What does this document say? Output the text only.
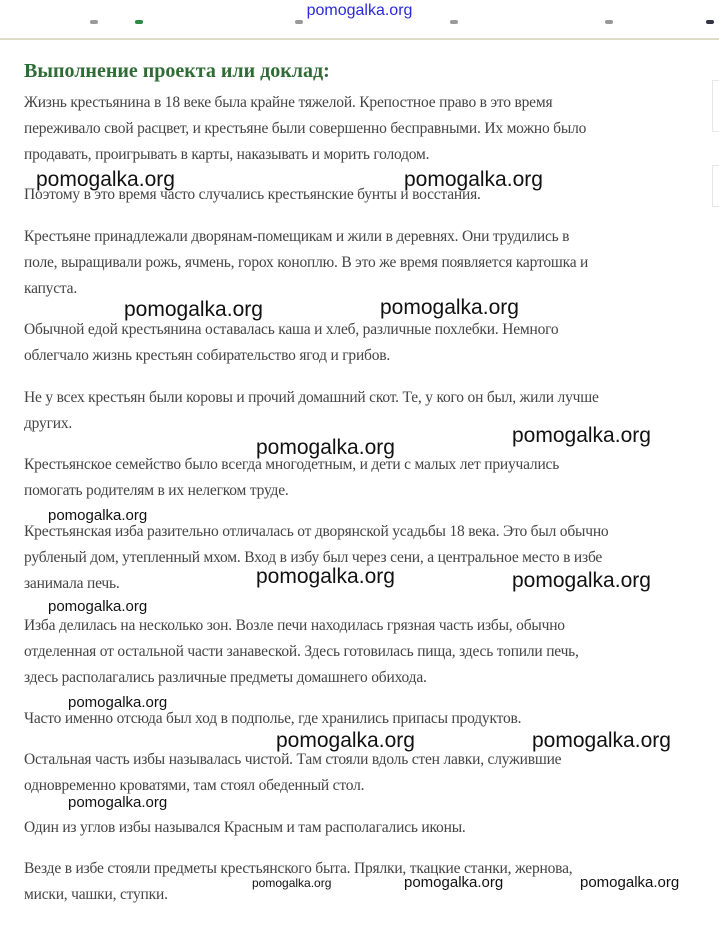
pomogalka.org
Выполнение проекта или доклад:
Жизнь крестьянина в 18 веке была крайне тяжелой. Крепостное право в это время
переживало свой расцвет, и крестьяне были совершенно бесправными. Их можно было
продавать, проигрывать в карты, наказывать и морить голодом.
Поэтому в это время часто случались крестьянские бунты и восстания.
Крестьяне принадлежали дворянам-помещикам и жили в деревнях. Они трудились в
поле, выращивали рожь, ячмень, горох коноплю. В это же время появляется картошка и
капуста.
Обычной едой крестьянина оставалась каша и хлеб, различные похлебки. Немного
облегчало жизнь крестьян собирательство ягод и грибов.
Не у всех крестьян были коровы и прочий домашний скот. Те, у кого он был, жили лучше
других.
Крестьянское семейство было всегда многодетным, и дети с малых лет приучались
помогать родителям в их нелегком труде.
Крестьянская изба разительно отличалась от дворянской усадьбы 18 века. Это был обычно
рубленый дом, утепленный мхом. Вход в избу был через сени, а центральное место в избе
занимала печь.
Изба делилась на несколько зон. Возле печи находилась грязная часть избы, обычно
отделенная от остальной части занавеской. Здесь готовилась пища, здесь топили печь,
здесь располагались различные предметы домашнего обихода.
Часто именно отсюда был ход в подполье, где хранились припасы продуктов.
Остальная часть избы называлась чистой. Там стояли вдоль стен лавки, служившие
одновременно кроватями, там стоял обеденный стол.
Один из углов избы назывался Красным и там располагались иконы.
Везде в избе стояли предметы крестьянского быта. Прялки, ткацкие станки, жернова,
миски, чашки, ступки.
pomogalka.org	pomogalka.org
pomogalka.org	pomogalka.org
pomogalka.org
pomogalka.org
pomogalka.org
pomogalka.org	pomogalka.org
pomogalka.org
pomogalka.org
pomogalka.org	pomogalka.org
pomogalka.org
pomogalka.org	pomogalka.org	pomogalka.org
